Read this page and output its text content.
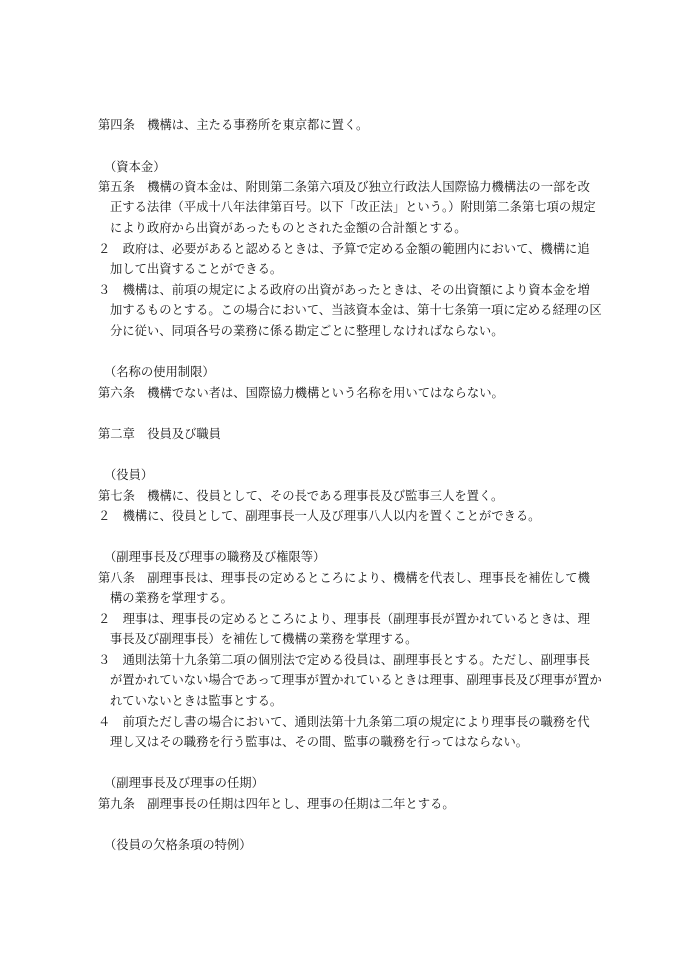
第四条　機構は、主たる事務所を東京都に置く。
（資本金）
第五条　機構の資本金は、附則第二条第六項及び独立行政法人国際協力機構法の一部を改
正する法律（平成十八年法律第百号。以下「改正法」という。）附則第二条第七項の規定
により政府から出資があったものとされた金額の合計額とする。
２　政府は、必要があると認めるときは、予算で定める金額の範囲内において、機構に追
加して出資することができる。
３　機構は、前項の規定による政府の出資があったときは、その出資額により資本金を増
加するものとする。この場合において、当該資本金は、第十七条第一項に定める経理の区
分に従い、同項各号の業務に係る勘定ごとに整理しなければならない。
（名称の使用制限）
第六条　機構でない者は、国際協力機構という名称を用いてはならない。
第二章　役員及び職員
（役員）
第七条　機構に、役員として、その長である理事長及び監事三人を置く。
２　機構に、役員として、副理事長一人及び理事八人以内を置くことができる。
（副理事長及び理事の職務及び権限等）
第八条　副理事長は、理事長の定めるところにより、機構を代表し、理事長を補佐して機
構の業務を掌理する。
２　理事は、理事長の定めるところにより、理事長（副理事長が置かれているときは、理
事長及び副理事長）を補佐して機構の業務を掌理する。
３　通則法第十九条第二項の個別法で定める役員は、副理事長とする。ただし、副理事長
が置かれていない場合であって理事が置かれているときは理事、副理事長及び理事が置か
れていないときは監事とする。
４　前項ただし書の場合において、通則法第十九条第二項の規定により理事長の職務を代
理し又はその職務を行う監事は、その間、監事の職務を行ってはならない。
（副理事長及び理事の任期）
第九条　副理事長の任期は四年とし、理事の任期は二年とする。
（役員の欠格条項の特例）
